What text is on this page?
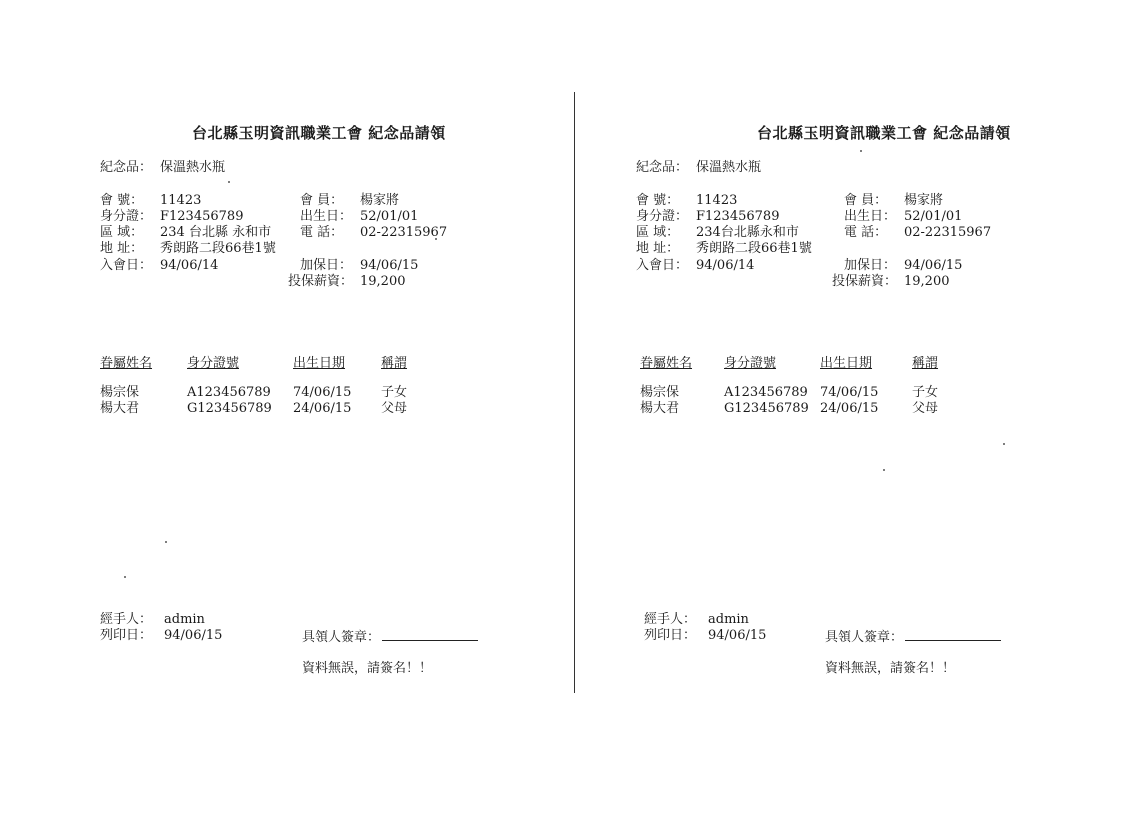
台北縣玉明資訊職業工會 紀念品請領
紀念品： 保溫熱水瓶
會 號： 11423	會 員： 楊家將
身分證： F123456789	出生日： 52/01/01
區 域： 234 台北縣 永和市 電 話： 02-22315967
地 址： 秀朗路二段66巷1號
入會日： 94/06/14	加保日： 94/06/15
投保薪資： 19,200
眷屬姓名	身分證號	出生日期	稱謂
楊宗保	A123456789 74/06/15 子女
楊大君	G123456789 24/06/15 父母
經手人： admin
列印日： 94/06/15	具領人簽章：
資料無誤，請簽名！！
台北縣玉明資訊職業工會 紀念品請領
紀念品： 保溫熱水瓶
會 號： 11423	會 員： 楊家將
身分證： F123456789	出生日： 52/01/01
區 域： 234台北縣永和市	電 話： 02-22315967
地 址： 秀朗路二段66巷1號
入會日： 94/06/14	加保日： 94/06/15
投保薪資： 19,200
眷屬姓名 身分證號	出生日期	稱謂
楊宗保	A123456789 74/06/15	子女
楊大君	G123456789 24/06/15	父母
經手人： admin
列印日： 94/06/15	具領人簽章：
資料無誤，請簽名！！
